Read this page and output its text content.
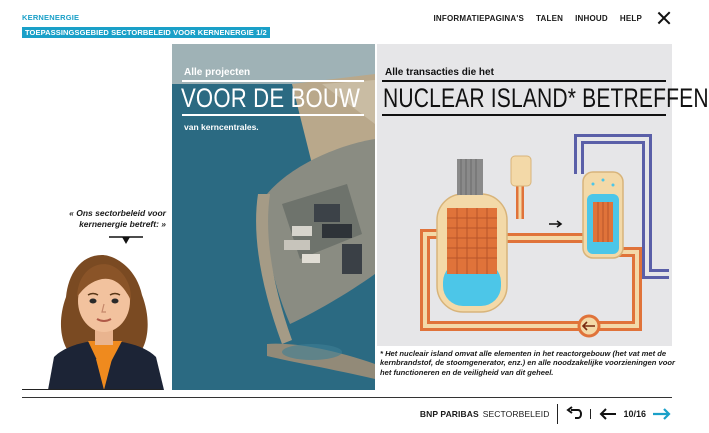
KERNENERGIE
TOEPASSINGSGEBIED SECTORBELEID VOOR KERNENERGIE 1/2
INFORMATIEPAGINA'S TALEN INHOUD HELP
« Ons sectorbeleid voor kernenergie betreft: »
Alle projecten
VOOR DE BOUW
van kerncentrales.
Alle transacties die het
NUCLEAR ISLAND* BETREFFEN
* Het nucleair island omvat alle elementen in het reactorgebouw (het vat met de kernbrandstof, de stoomgenerator, enz.) en alle noodzakelijke voorzieningen voor het functioneren en de veiligheid van dit geheel.
BNP PARIBAS SECTORBELEID	10/16
